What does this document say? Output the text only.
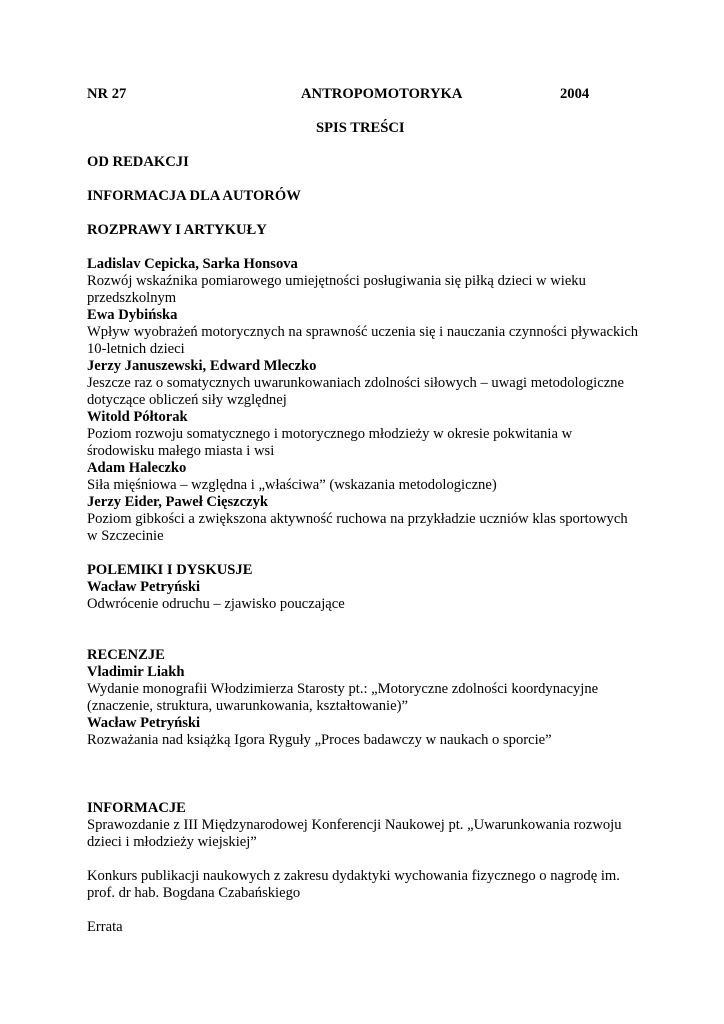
NR 27	ANTROPOMOTORYKA	2004
SPIS TREŚCI
OD REDAKCJI
INFORMACJA DLA AUTORÓW
ROZPRAWY I ARTYKUŁY
Ladislav Cepicka, Sarka Honsova
Rozwój wskaźnika pomiarowego umiejętności posługiwania się piłką dzieci w wieku
przedszkolnym
Ewa Dybińska
Wpływ wyobrażeń motorycznych na sprawność uczenia się i nauczania czynności pływackich
10-letnich dzieci
Jerzy Januszewski, Edward Mleczko
Jeszcze raz o somatycznych uwarunkowaniach zdolności siłowych – uwagi metodologiczne
dotyczące obliczeń siły względnej
Witold Półtorak
Poziom rozwoju somatycznego i motorycznego młodzieży w okresie pokwitania w
środowisku małego miasta i wsi
Adam Haleczko
Siła mięśniowa – względna i „właściwa” (wskazania metodologiczne)
Jerzy Eider, Paweł Cięszczyk
Poziom gibkości a zwiększona aktywność ruchowa na przykładzie uczniów klas sportowych
w Szczecinie
POLEMIKI I DYSKUSJE
Wacław Petryński
Odwrócenie odruchu – zjawisko pouczające
RECENZJE
Vladimir Liakh
Wydanie monografii Włodzimierza Starosty pt.: „Motoryczne zdolności koordynacyjne
(znaczenie, struktura, uwarunkowania, kształtowanie)”
Wacław Petryński
Rozważania nad książką Igora Ryguły „Proces badawczy w naukach o sporcie”
INFORMACJE
Sprawozdanie z III Międzynarodowej Konferencji Naukowej pt. „Uwarunkowania rozwoju
dzieci i młodzieży wiejskiej”
Konkurs publikacji naukowych z zakresu dydaktyki wychowania fizycznego o nagrodę im.
prof. dr hab. Bogdana Czabańskiego
Errata
